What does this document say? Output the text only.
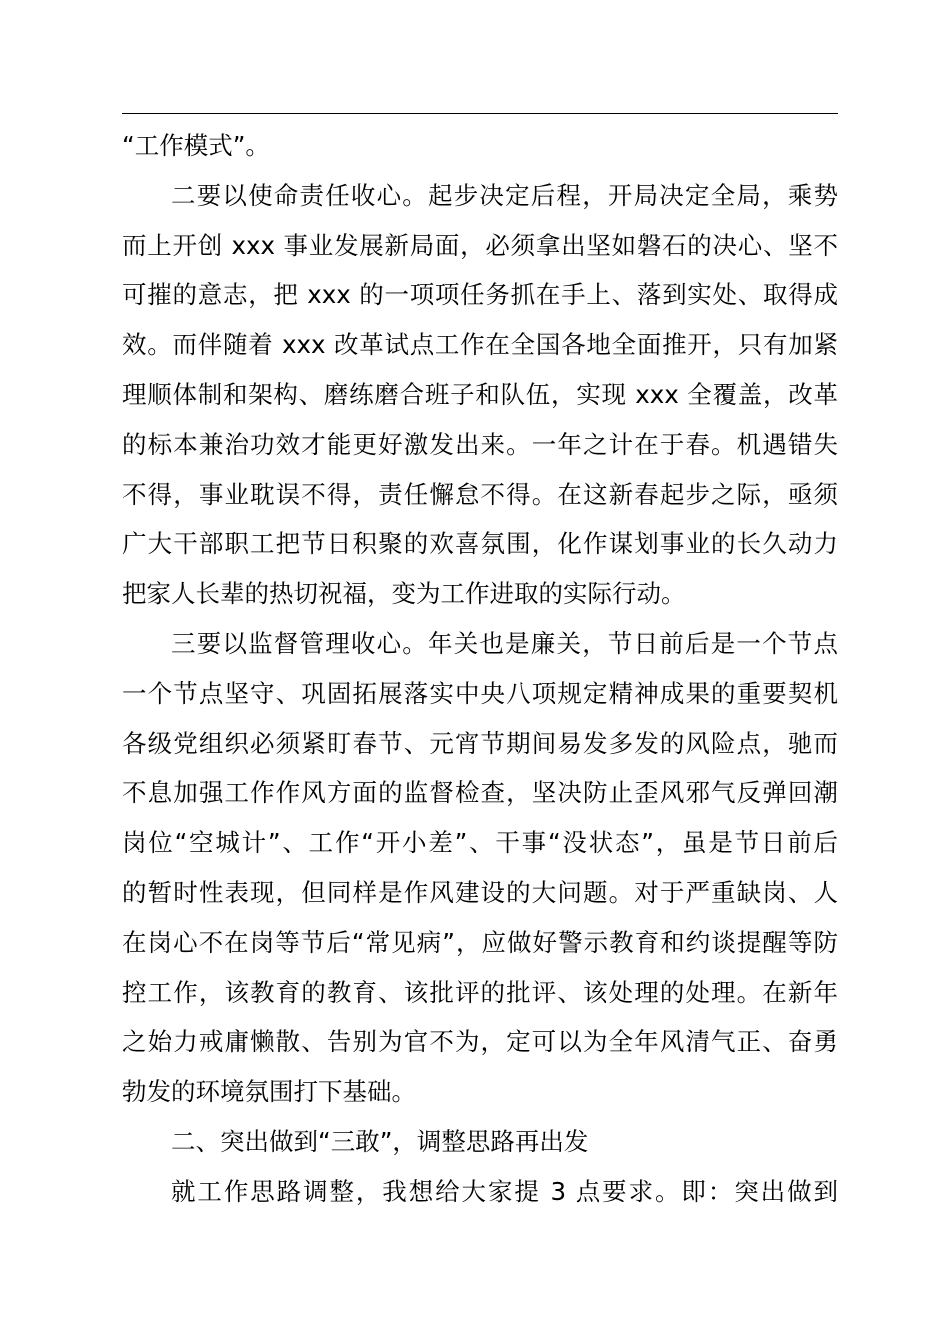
“工作模式”。
二要以使命责任收心。起步决定后程，开局决定全局，乘势
而上开创 xxx 事业发展新局面，必须拿出坚如磐石的决心、坚不
可摧的意志，把 xxx 的一项项任务抓在手上、落到实处、取得成
效。而伴随着 xxx 改革试点工作在全国各地全面推开，只有加紧
理顺体制和架构、磨练磨合班子和队伍，实现 xxx 全覆盖，改革
的标本兼治功效才能更好激发出来。一年之计在于春。机遇错失
不得，事业耽误不得，责任懈怠不得。在这新春起步之际，亟须
广大干部职工把节日积聚的欢喜氛围，化作谋划事业的长久动力
把家人长辈的热切祝福，变为工作进取的实际行动。
三要以监督管理收心。年关也是廉关，节日前后是一个节点
一个节点坚守、巩固拓展落实中央八项规定精神成果的重要契机
各级党组织必须紧盯春节、元宵节期间易发多发的风险点，驰而
不息加强工作作风方面的监督检查，坚决防止歪风邪气反弹回潮
岗位“空城计”、工作“开小差”、干事“没状态”，虽是节日前后
的暂时性表现，但同样是作风建设的大问题。对于严重缺岗、人
在岗心不在岗等节后“常见病”，应做好警示教育和约谈提醒等防
控工作，该教育的教育、该批评的批评、该处理的处理。在新年
之始力戒庸懒散、告别为官不为，定可以为全年风清气正、奋勇
勃发的环境氛围打下基础。
二、突出做到“三敢”，调整思路再出发
就工作思路调整，我想给大家提 3 点要求。即：突出做到
